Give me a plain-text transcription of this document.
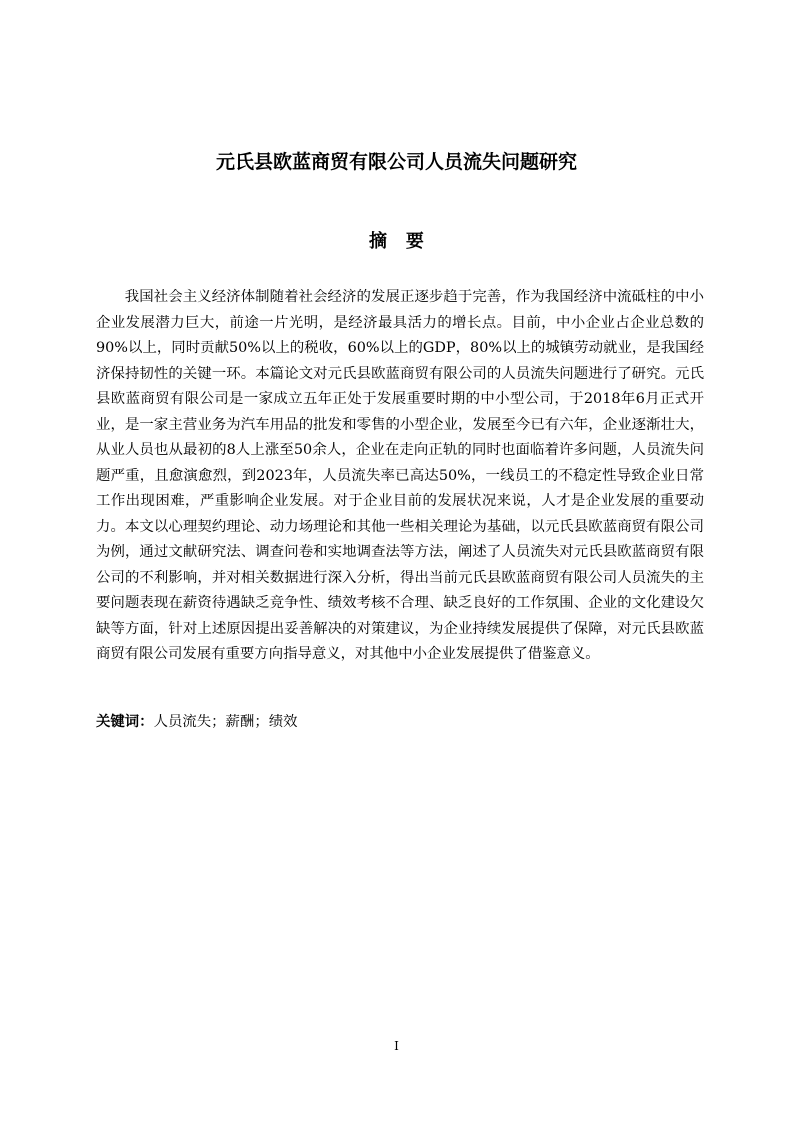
元氏县欧蓝商贸有限公司人员流失问题研究
摘要

我国社会主义经济体制随着社会经济的发展正逐步趋于完善，作为我国经济中流砥柱的中小企业发展潜力巨大，前途一片光明，是经济最具活力的增长点。目前，中小企业占企业总数的90%以上，同时贡献50%以上的税收，60%以上的GDP，80%以上的城镇劳动就业，是我国经济保持韧性的关键一环。本篇论文对元氏县欧蓝商贸有限公司的人员流失问题进行了研究。元氏县欧蓝商贸有限公司是一家成立五年正处于发展重要时期的中小型公司，于2018年6月正式开业，是一家主营业务为汽车用品的批发和零售的小型企业，发展至今已有六年，企业逐渐壮大，从业人员也从最初的8人上涨至50余人，企业在走向正轨的同时也面临着许多问题，人员流失问题严重，且愈演愈烈，到2023年，人员流失率已高达50%，一线员工的不稳定性导致企业日常工作出现困难，严重影响企业发展。对于企业目前的发展状况来说，人才是企业发展的重要动力。本文以心理契约理论、动力场理论和其他一些相关理论为基础，以元氏县欧蓝商贸有限公司为例，通过文献研究法、调查问卷和实地调查法等方法，阐述了人员流失对元氏县欧蓝商贸有限公司的不利影响，并对相关数据进行深入分析，得出当前元氏县欧蓝商贸有限公司人员流失的主要问题表现在薪资待遇缺乏竞争性、绩效考核不合理、缺乏良好的工作氛围、企业的文化建设欠缺等方面，针对上述原因提出妥善解决的对策建议，为企业持续发展提供了保障，对元氏县欧蓝商贸有限公司发展有重要方向指导意义，对其他中小企业发展提供了借鉴意义。

关键词：人员流失；薪酬；绩效

I
